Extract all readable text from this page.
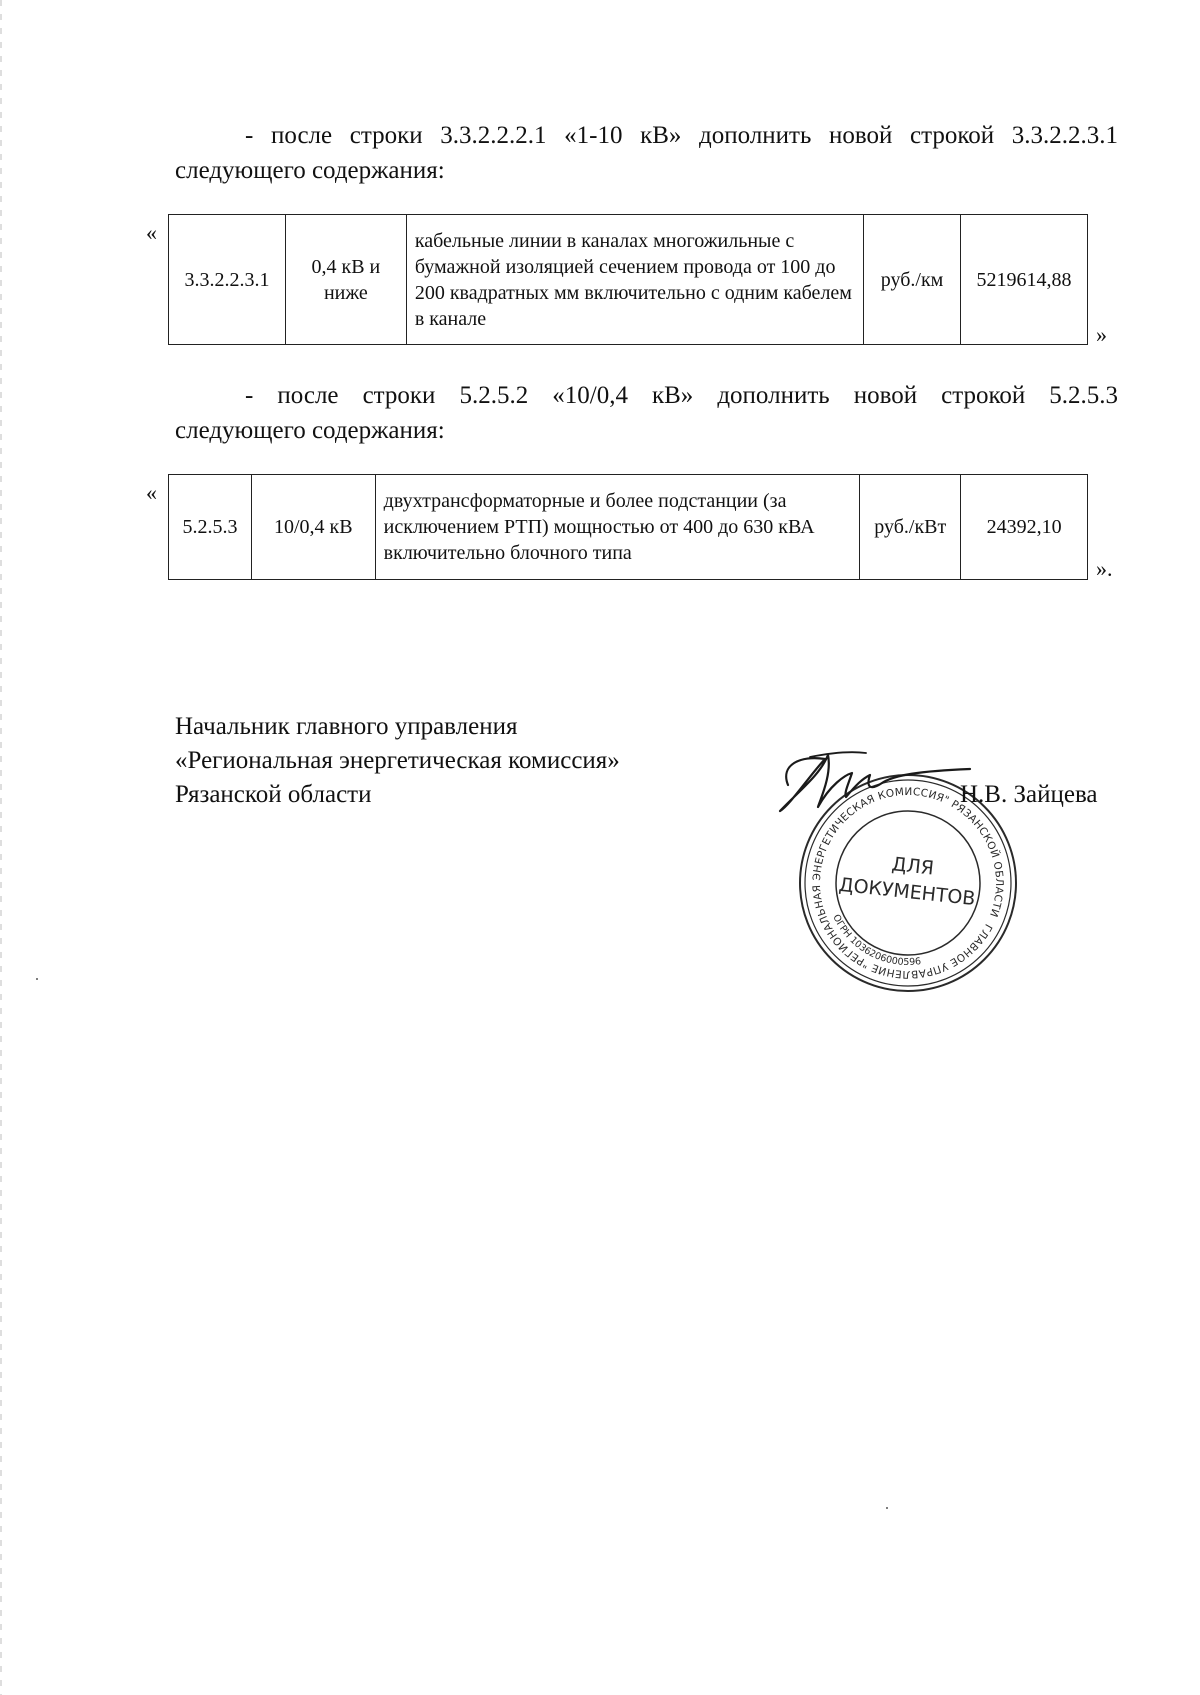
- после строки 3.3.2.2.2.1 «1-10 кВ» дополнить новой строкой 3.3.2.2.3.1
следующего содержания:

«
3.3.2.2.3.1	0,4 кВ и ниже	кабельные линии в каналах многожильные с бумажной изоляцией сечением провода от 100 до 200 квадратных мм включительно с одним кабелем в канале	руб./км	5219614,88
»

- после строки 5.2.5.2 «10/0,4 кВ» дополнить новой строкой 5.2.5.3
следующего содержания:

«
5.2.5.3	10/0,4 кВ	двухтрансформаторные и более подстанции (за исключением РТП) мощностью от 400 до 630 кВА включительно блочного типа	руб./кВт	24392,10
».
Начальник главного управления
«Региональная энергетическая комиссия»
Рязанской области
ГЛАВНОЕ УПРАВЛЕНИЕ "РЕГИОНАЛЬНАЯ ЭНЕРГЕТИЧЕСКАЯ КОМИССИЯ" РЯЗАНСКОЙ ОБЛАСТИ
ОГРН 1036206000596
ДЛЯ
ДОКУМЕНТОВ
Н.В. Зайцева
